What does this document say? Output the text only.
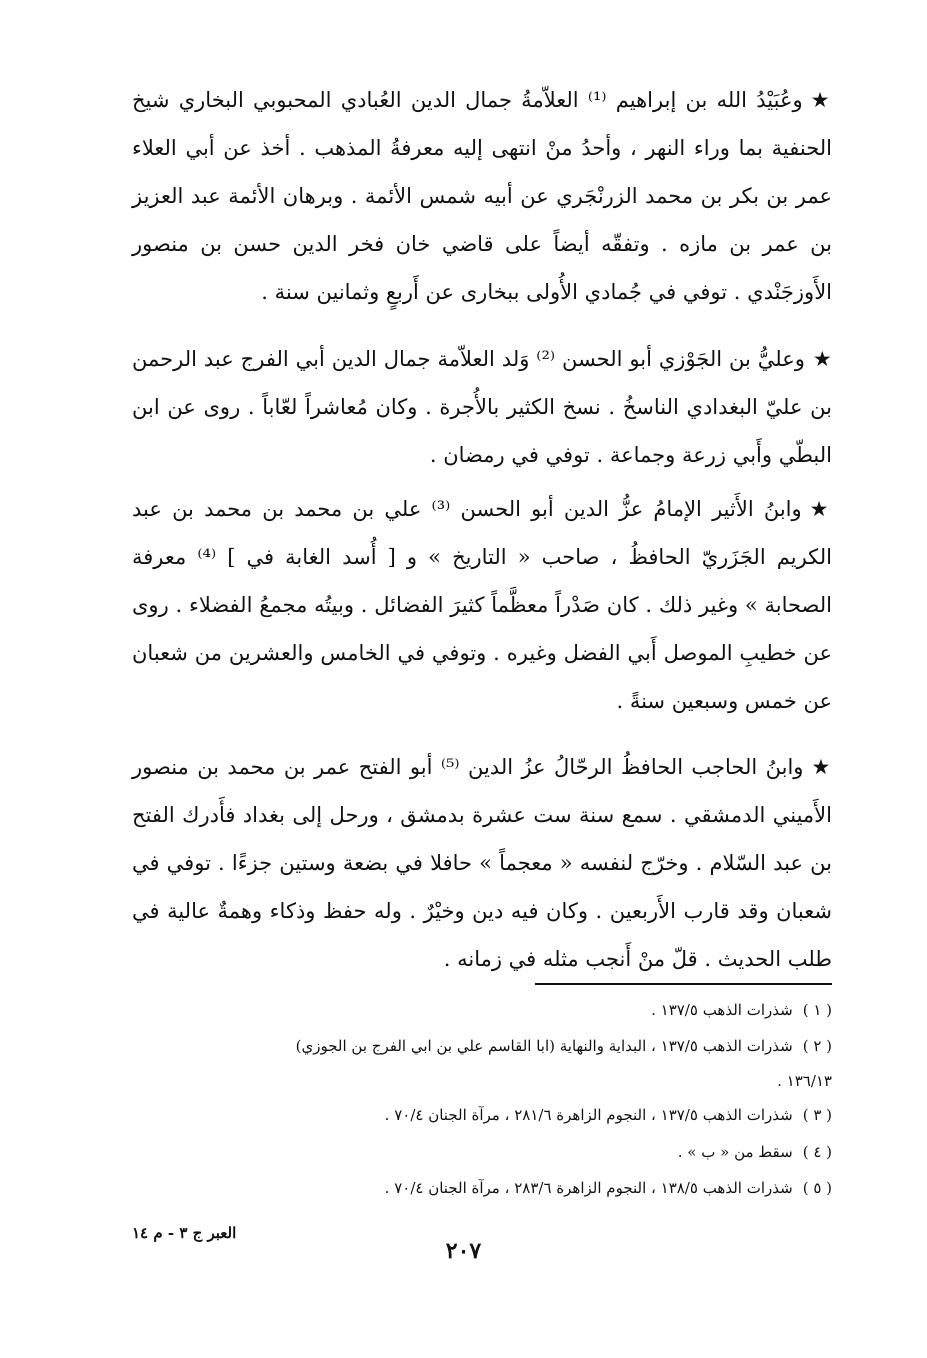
★وعُبَيْدُ الله بن إبراهيم ⁽¹⁾ العلاّمةُ جمال الدين العُبادي المحبوبي البخاري شيخ الحنفية بما وراء النهر ، وأحدُ منْ انتهى إليه معرفةُ المذهب . أخذ عن أبي العلاء عمر بن بكر بن محمد الزرنْجَري عن أبيه شمس الأئمة . وبرهان الأئمة عبد العزيز بن عمر بن مازه . وتفقّه أيضاً على قاضي خان فخر الدين حسن بن منصور الأَوزجَنْدي . توفي في جُمادي الأُولى ببخارى عن أَربعٍ وثمانين سنة .

★وعليُّ بن الجَوْزي أبو الحسن ⁽²⁾ وَلد العلاّمة جمال الدين أبي الفرج عبد الرحمن بن عليّ البغدادي الناسخُ . نسخ الكثير بالأُجرة . وكان مُعاشراً لعّاباً . روى عن ابن البطّي وأَبي زرعة وجماعة . توفي في رمضان .

★وابنُ الأَثير الإمامُ عزُّ الدين أبو الحسن ⁽³⁾ علي بن محمد بن محمد بن عبد الكريم الجَزَريّ الحافظُ ، صاحب « التاريخ » و [ أُسد الغابة في ] ⁽⁴⁾ معرفة الصحابة » وغير ذلك . كان صَدْراً معظَّماً كثيرَ الفضائل . وبيتُه مجمعُ الفضلاء . روى عن خطيبِ الموصل أَبي الفضل وغيره . وتوفي في الخامس والعشرين من شعبان عن خمس وسبعين سنةً .

★وابنُ الحاجب الحافظُ الرحّالُ عزُ الدين ⁽⁵⁾ أبو الفتح عمر بن محمد بن منصور الأَميني الدمشقي . سمع سنة ست عشرة بدمشق ، ورحل إلى بغداد فأَدرك الفتح بن عبد السّلام . وخرّج لنفسه « معجماً » حافلا في بضعة وستين جزءًا . توفي في شعبان وقد قارب الأَربعين . وكان فيه دين وخيْرٌ . وله حفظ وذكاء وهمةٌ عالية في طلب الحديث . قلّ منْ أَنجب مثله في زمانه .

( ١ )شذرات الذهب ١٣٧/٥ .

( ٢ )شذرات الذهب ١٣٧/٥ ، البداية والنهاية (ابا القاسم علي بن ابي الفرج بن الجوزي)

١٣٦/١٣ .

( ٣ )شذرات الذهب ١٣٧/٥ ، النجوم الزاهرة ٢٨١/٦ ، مرآة الجنان ٧٠/٤ .

( ٤ )سقط من « ب » .

( ٥ )شذرات الذهب ١٣٨/٥ ، النجوم الزاهرة ٢٨٣/٦ ، مرآة الجنان ٧٠/٤ .

العبر ج ٣ - م ١٤
٢٠٧
